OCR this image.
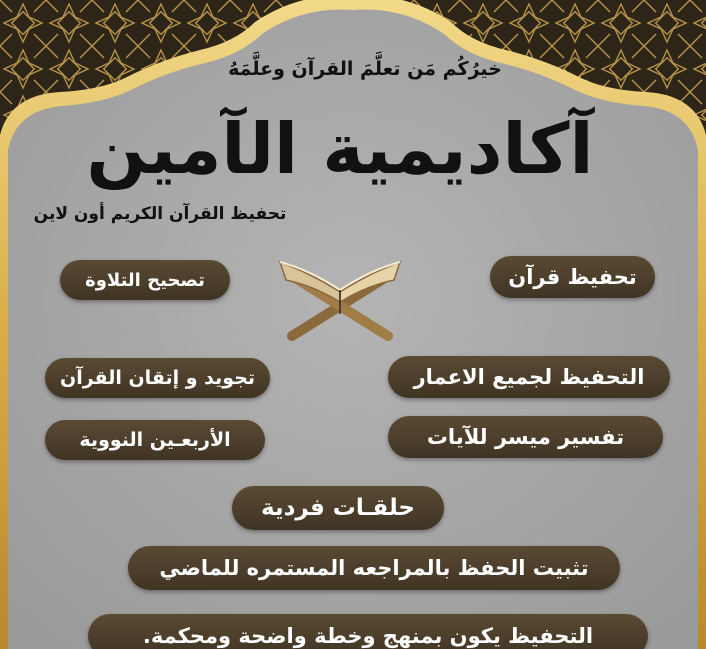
خيرُكُم مَن تعلَّمَ القرآنَ وعلَّمَهُ
آكاديمية الآمين
تحفيظ القرآن الكريم أون لاين
تحفيظ قرآن
تصحيح التلاوة
التحفيظ لجميع الاعمار
تجويد و إتقان القرآن
تفسير ميسر للآيات
الأربعـين النووية
حلقـات فردية
تثبيت الحفظ بالمراجعه المستمره للماضي
التحفيظ يكون بمنهج وخطة واضحة ومحكمة.
